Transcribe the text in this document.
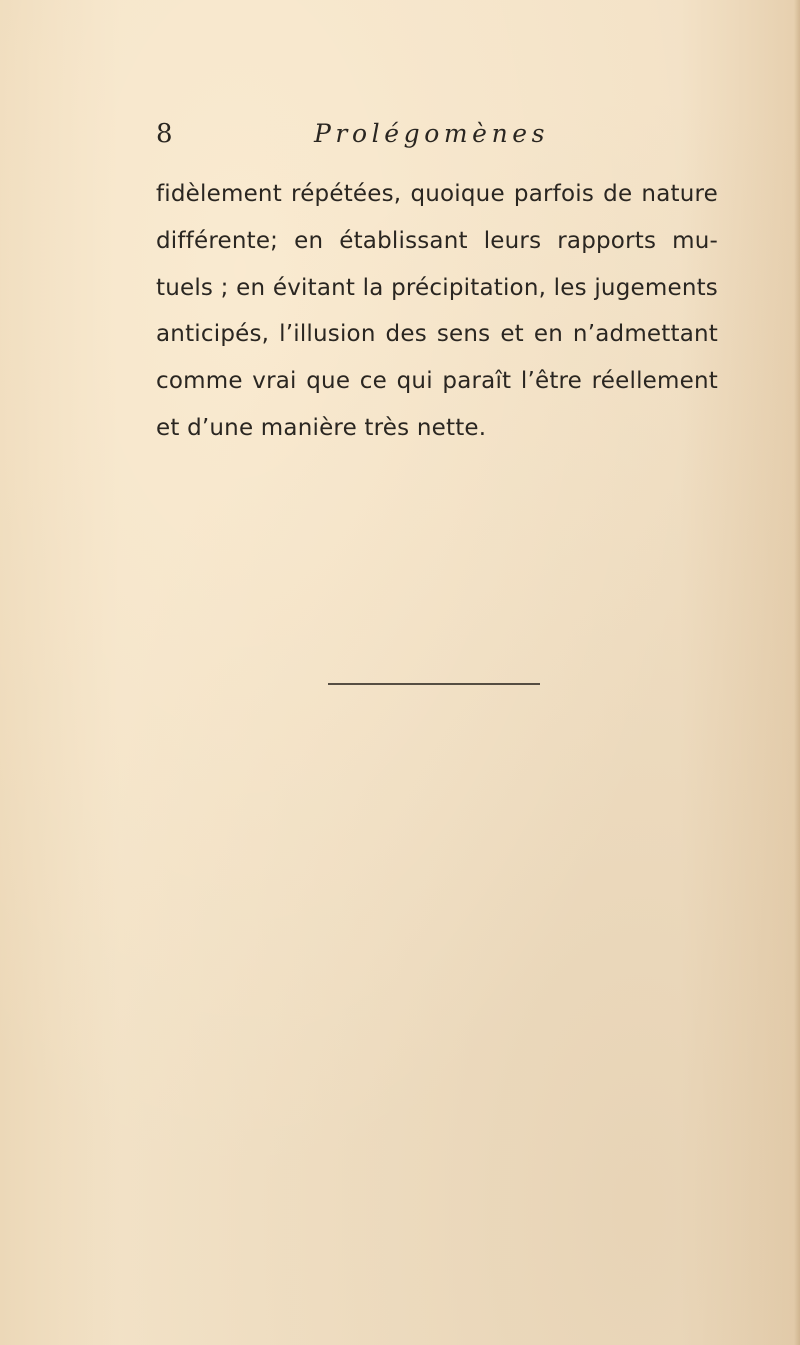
8	Prolégomènes
fidèlement répétées, quoique parfois de nature
différente; en établissant leurs rapports mu-
tuels ; en évitant la précipitation, les jugements
anticipés, l’illusion des sens et en n’admettant
comme vrai que ce qui paraît l’être réellement
et d’une manière très nette.
